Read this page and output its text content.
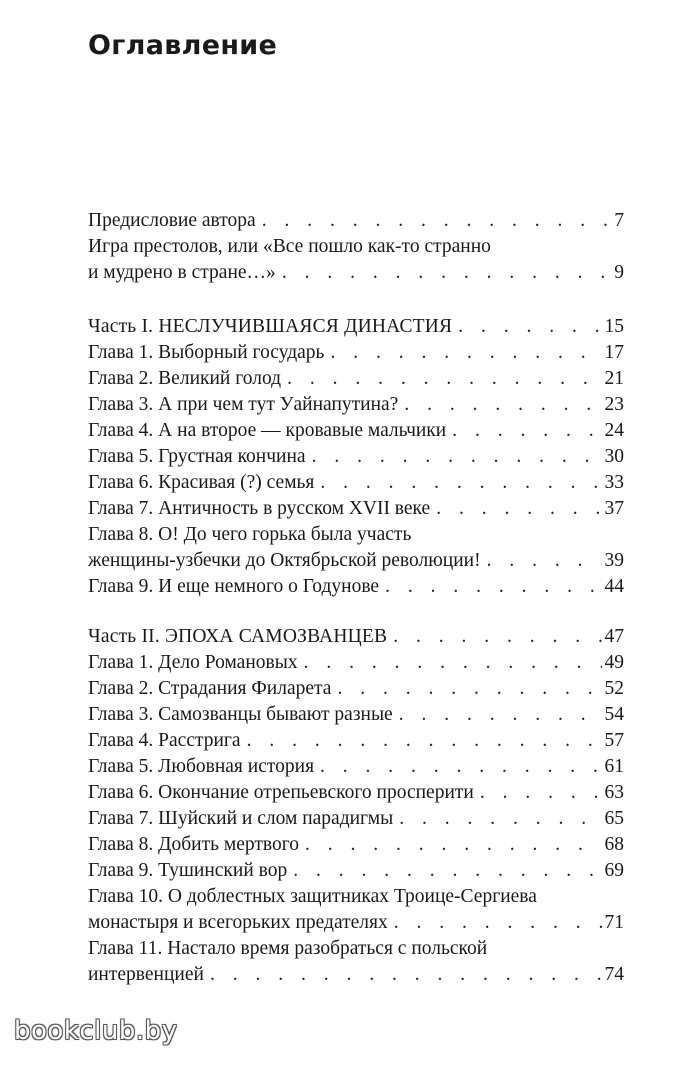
Оглавление
Предисловие автора . . .	7
Игра престолов, или «Все пошло как-то странно
и мудрено в стране…» . . .	9
Часть I. НЕСЛУЧИВШАЯСЯ ДИНАСТИЯ . . .	15
Глава 1. Выборный государь . . .	17
Глава 2. Великий голод . . .	21
Глава 3. А при чем тут Уайнапутина? . . .	23
Глава 4. А на второе — кровавые мальчики . . .	24
Глава 5. Грустная кончина . . .	30
Глава 6. Красивая (?) семья . . .	33
Глава 7. Античность в русском XVII веке . . .	37
Глава 8. О! До чего горька была участь
женщины-узбечки до Октябрьской революции! . . .	39
Глава 9. И еще немного о Годунове . . .	44
Часть II. ЭПОХА САМОЗВАНЦЕВ . . .	47
Глава 1. Дело Романовых . . .	49
Глава 2. Страдания Филарета . . .	52
Глава 3. Самозванцы бывают разные . . .	54
Глава 4. Расстрига . . .	57
Глава 5. Любовная история . . .	61
Глава 6. Окончание отрепьевского просперити . . .	63
Глава 7. Шуйский и слом парадигмы . . .	65
Глава 8. Добить мертвого . . .	68
Глава 9. Тушинский вор . . .	69
Глава 10. О доблестных защитниках Троице-Сергиева
монастыря и всегорьких предателях . . .	71
Глава 11. Настало время разобраться с польской
интервенцией . . .	74
bookclub.by
